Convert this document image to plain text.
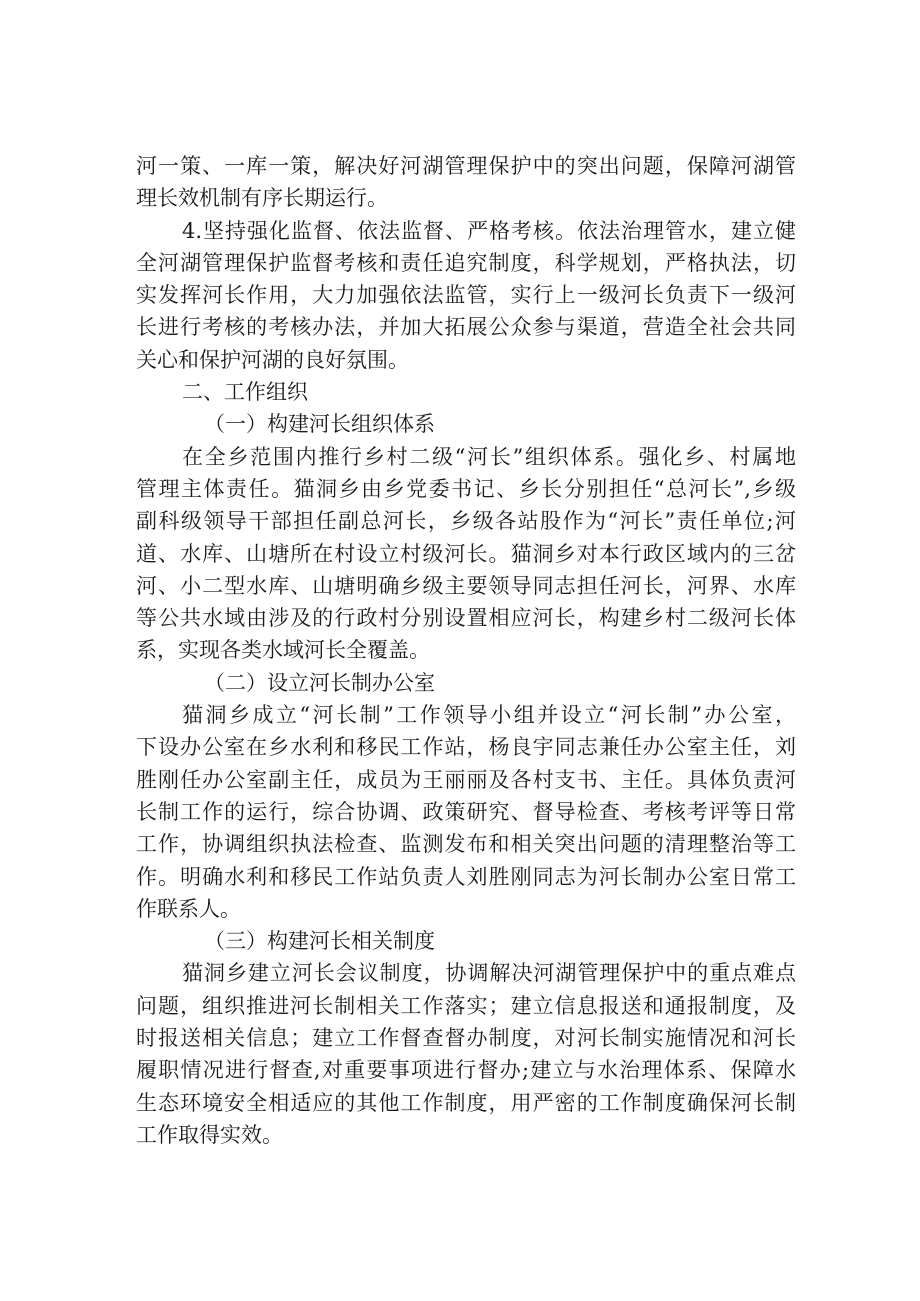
河一策、一库一策，解决好河湖管理保护中的突出问题，保障河湖管
理长效机制有序长期运行。
4.坚持强化监督、依法监督、严格考核。依法治理管水，建立健
全河湖管理保护监督考核和责任追究制度，科学规划，严格执法，切
实发挥河长作用，大力加强依法监管，实行上一级河长负责下一级河
长进行考核的考核办法，并加大拓展公众参与渠道，营造全社会共同
关心和保护河湖的良好氛围。
二、工作组织
（一）构建河长组织体系
在全乡范围内推行乡村二级“河长”组织体系。强化乡、村属地
管理主体责任。猫洞乡由乡党委书记、乡长分别担任“总河长”,乡级
副科级领导干部担任副总河长，乡级各站股作为“河长”责任单位;河
道、水库、山塘所在村设立村级河长。猫洞乡对本行政区域内的三岔
河、小二型水库、山塘明确乡级主要领导同志担任河长，河界、水库
等公共水域由涉及的行政村分别设置相应河长，构建乡村二级河长体
系，实现各类水域河长全覆盖。
（二）设立河长制办公室
猫洞乡成立“河长制”工作领导小组并设立“河长制”办公室，
下设办公室在乡水利和移民工作站，杨良宇同志兼任办公室主任，刘
胜刚任办公室副主任，成员为王丽丽及各村支书、主任。具体负责河
长制工作的运行，综合协调、政策研究、督导检查、考核考评等日常
工作，协调组织执法检查、监测发布和相关突出问题的清理整治等工
作。明确水利和移民工作站负责人刘胜刚同志为河长制办公室日常工
作联系人。
（三）构建河长相关制度
猫洞乡建立河长会议制度，协调解决河湖管理保护中的重点难点
问题，组织推进河长制相关工作落实；建立信息报送和通报制度，及
时报送相关信息；建立工作督查督办制度，对河长制实施情况和河长
履职情况进行督查,对重要事项进行督办;建立与水治理体系、保障水
生态环境安全相适应的其他工作制度，用严密的工作制度确保河长制
工作取得实效。
